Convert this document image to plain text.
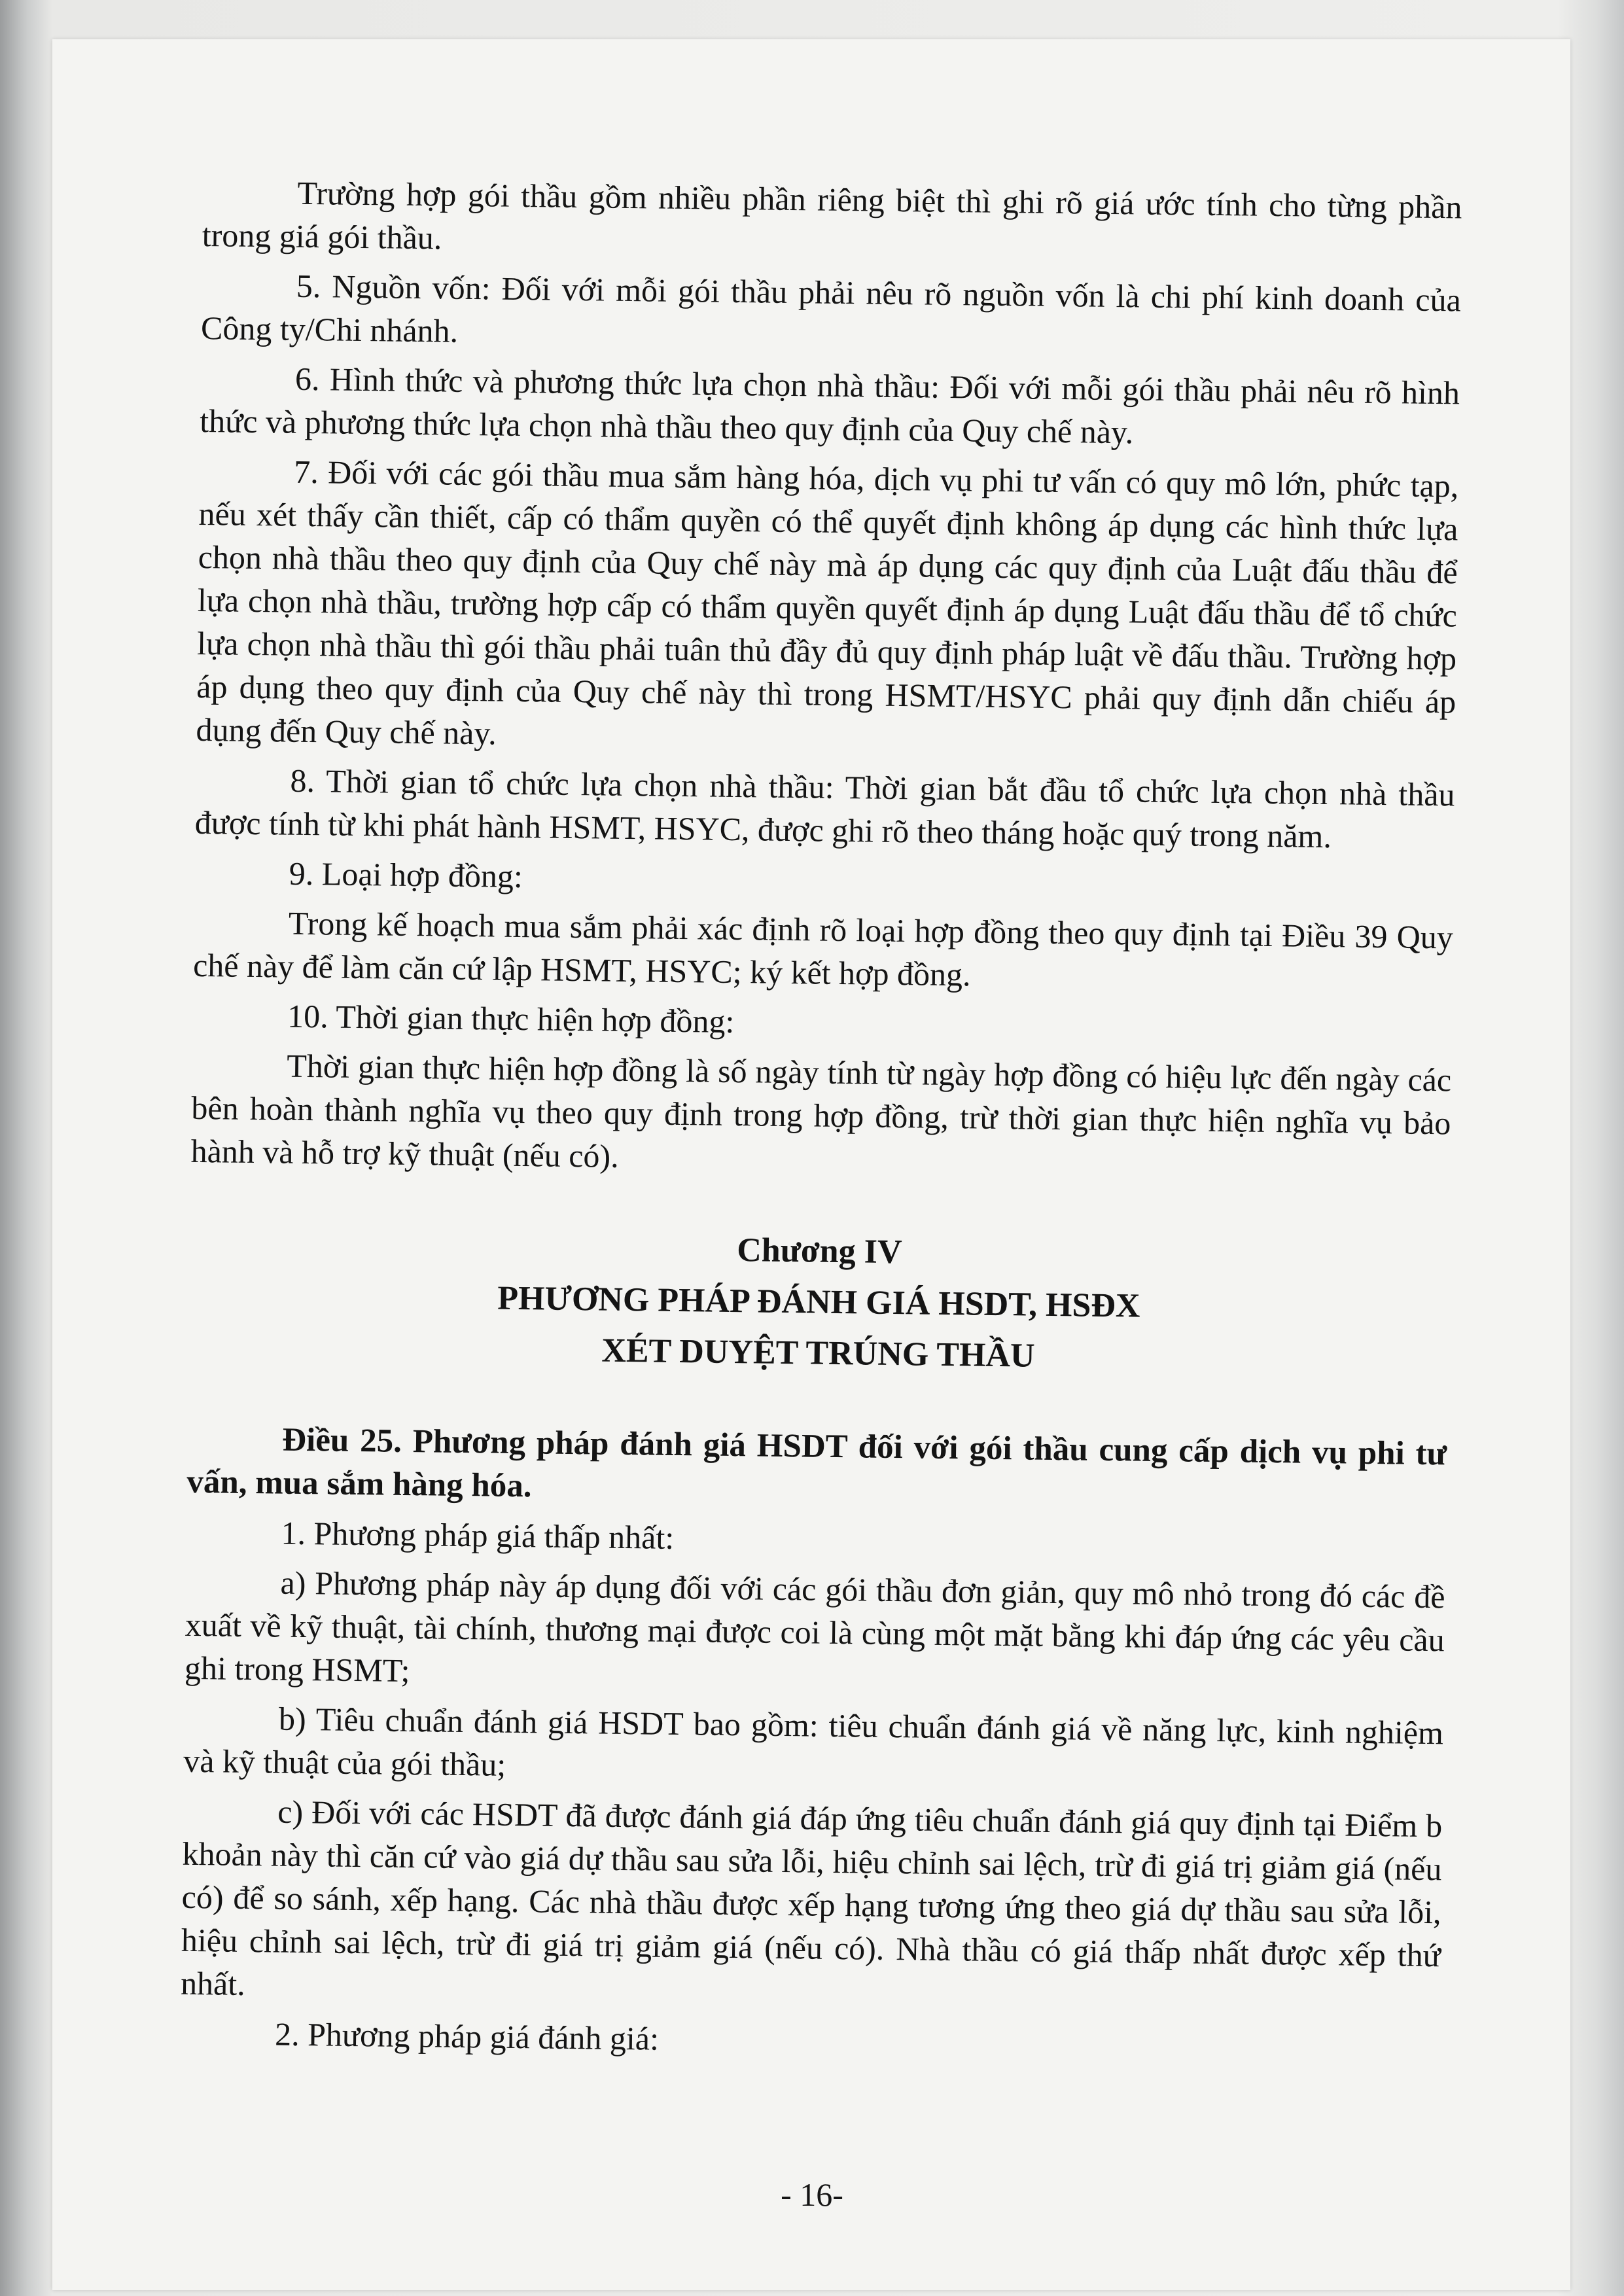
Trường hợp gói thầu gồm nhiều phần riêng biệt thì ghi rõ giá ước tính cho từng phần trong giá gói thầu.

5. Nguồn vốn: Đối với mỗi gói thầu phải nêu rõ nguồn vốn là chi phí kinh doanh của Công ty/Chi nhánh.

6. Hình thức và phương thức lựa chọn nhà thầu: Đối với mỗi gói thầu phải nêu rõ hình thức và phương thức lựa chọn nhà thầu theo quy định của Quy chế này.

7. Đối với các gói thầu mua sắm hàng hóa, dịch vụ phi tư vấn có quy mô lớn, phức tạp, nếu xét thấy cần thiết, cấp có thẩm quyền có thể quyết định không áp dụng các hình thức lựa chọn nhà thầu theo quy định của Quy chế này mà áp dụng các quy định của Luật đấu thầu để lựa chọn nhà thầu, trường hợp cấp có thẩm quyền quyết định áp dụng Luật đấu thầu để tổ chức lựa chọn nhà thầu thì gói thầu phải tuân thủ đầy đủ quy định pháp luật về đấu thầu. Trường hợp áp dụng theo quy định của Quy chế này thì trong HSMT/HSYC phải quy định dẫn chiếu áp dụng đến Quy chế này.

8. Thời gian tổ chức lựa chọn nhà thầu: Thời gian bắt đầu tổ chức lựa chọn nhà thầu được tính từ khi phát hành HSMT, HSYC, được ghi rõ theo tháng hoặc quý trong năm.

9. Loại hợp đồng:

Trong kế hoạch mua sắm phải xác định rõ loại hợp đồng theo quy định tại Điều 39 Quy chế này để làm căn cứ lập HSMT, HSYC; ký kết hợp đồng.

10. Thời gian thực hiện hợp đồng:

Thời gian thực hiện hợp đồng là số ngày tính từ ngày hợp đồng có hiệu lực đến ngày các bên hoàn thành nghĩa vụ theo quy định trong hợp đồng, trừ thời gian thực hiện nghĩa vụ bảo hành và hỗ trợ kỹ thuật (nếu có).

Chương IV

PHƯƠNG PHÁP ĐÁNH GIÁ HSDT, HSĐX

XÉT DUYỆT TRÚNG THẦU

Điều 25. Phương pháp đánh giá HSDT đối với gói thầu cung cấp dịch vụ phi tư vấn, mua sắm hàng hóa.

1. Phương pháp giá thấp nhất:

a) Phương pháp này áp dụng đối với các gói thầu đơn giản, quy mô nhỏ trong đó các đề xuất về kỹ thuật, tài chính, thương mại được coi là cùng một mặt bằng khi đáp ứng các yêu cầu ghi trong HSMT;

b) Tiêu chuẩn đánh giá HSDT bao gồm: tiêu chuẩn đánh giá về năng lực, kinh nghiệm và kỹ thuật của gói thầu;

c) Đối với các HSDT đã được đánh giá đáp ứng tiêu chuẩn đánh giá quy định tại Điểm b khoản này thì căn cứ vào giá dự thầu sau sửa lỗi, hiệu chỉnh sai lệch, trừ đi giá trị giảm giá (nếu có) để so sánh, xếp hạng. Các nhà thầu được xếp hạng tương ứng theo giá dự thầu sau sửa lỗi, hiệu chỉnh sai lệch, trừ đi giá trị giảm giá (nếu có). Nhà thầu có giá thấp nhất được xếp thứ nhất.

2. Phương pháp giá đánh giá:

- 16-
